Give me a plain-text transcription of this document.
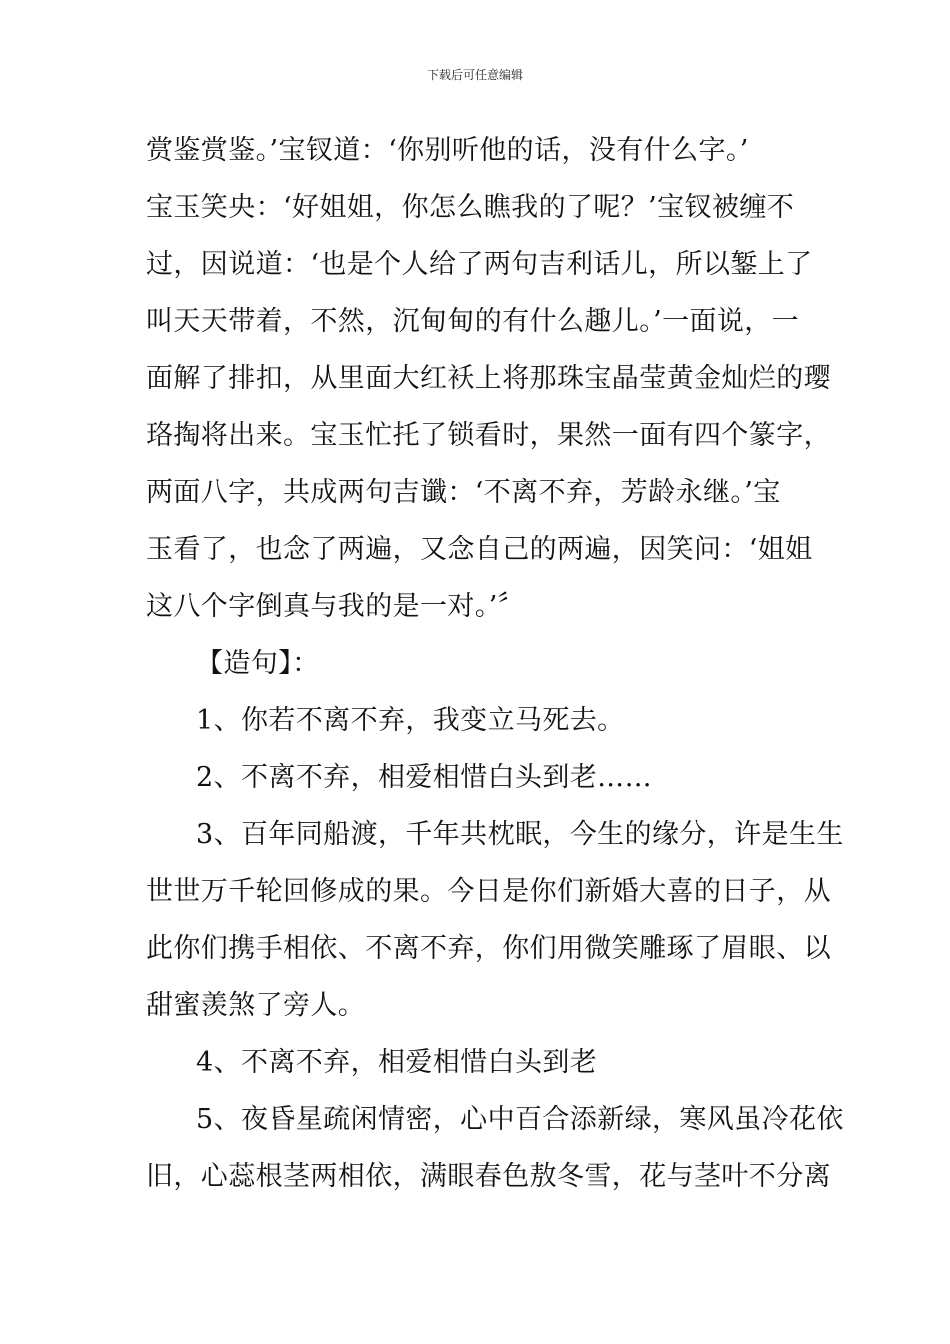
下载后可任意编辑
赏鉴赏鉴。’宝钗道：‘你别听他的话，没有什么字。’
宝玉笑央：‘好姐姐，你怎么瞧我的了呢？’宝钗被缠不
过，因说道：‘也是个人给了两句吉利话儿，所以錾上了
叫天天带着，不然，沉甸甸的有什么趣儿。’一面说，一
面解了排扣，从里面大红袄上将那珠宝晶莹黄金灿烂的璎
珞掏将出来。宝玉忙托了锁看时，果然一面有四个篆字，
两面八字，共成两句吉谶：‘不离不弃，芳龄永继。’宝
玉看了，也念了两遍，又念自己的两遍，因笑问：‘姐姐
这八个字倒真与我的是一对。’〞
【造句】：
1、你若不离不弃，我变立马死去。
2、不离不弃，相爱相惜白头到老……
3、百年同船渡，千年共枕眠，今生的缘分，许是生生
世世万千轮回修成的果。今日是你们新婚大喜的日子，从
此你们携手相依、不离不弃，你们用微笑雕琢了眉眼、以
甜蜜羡煞了旁人。
4、不离不弃，相爱相惜白头到老
5、夜昏星疏闲情密，心中百合添新绿，寒风虽冷花依
旧，心蕊根茎两相依，满眼春色敖冬雪，花与茎叶不分离
